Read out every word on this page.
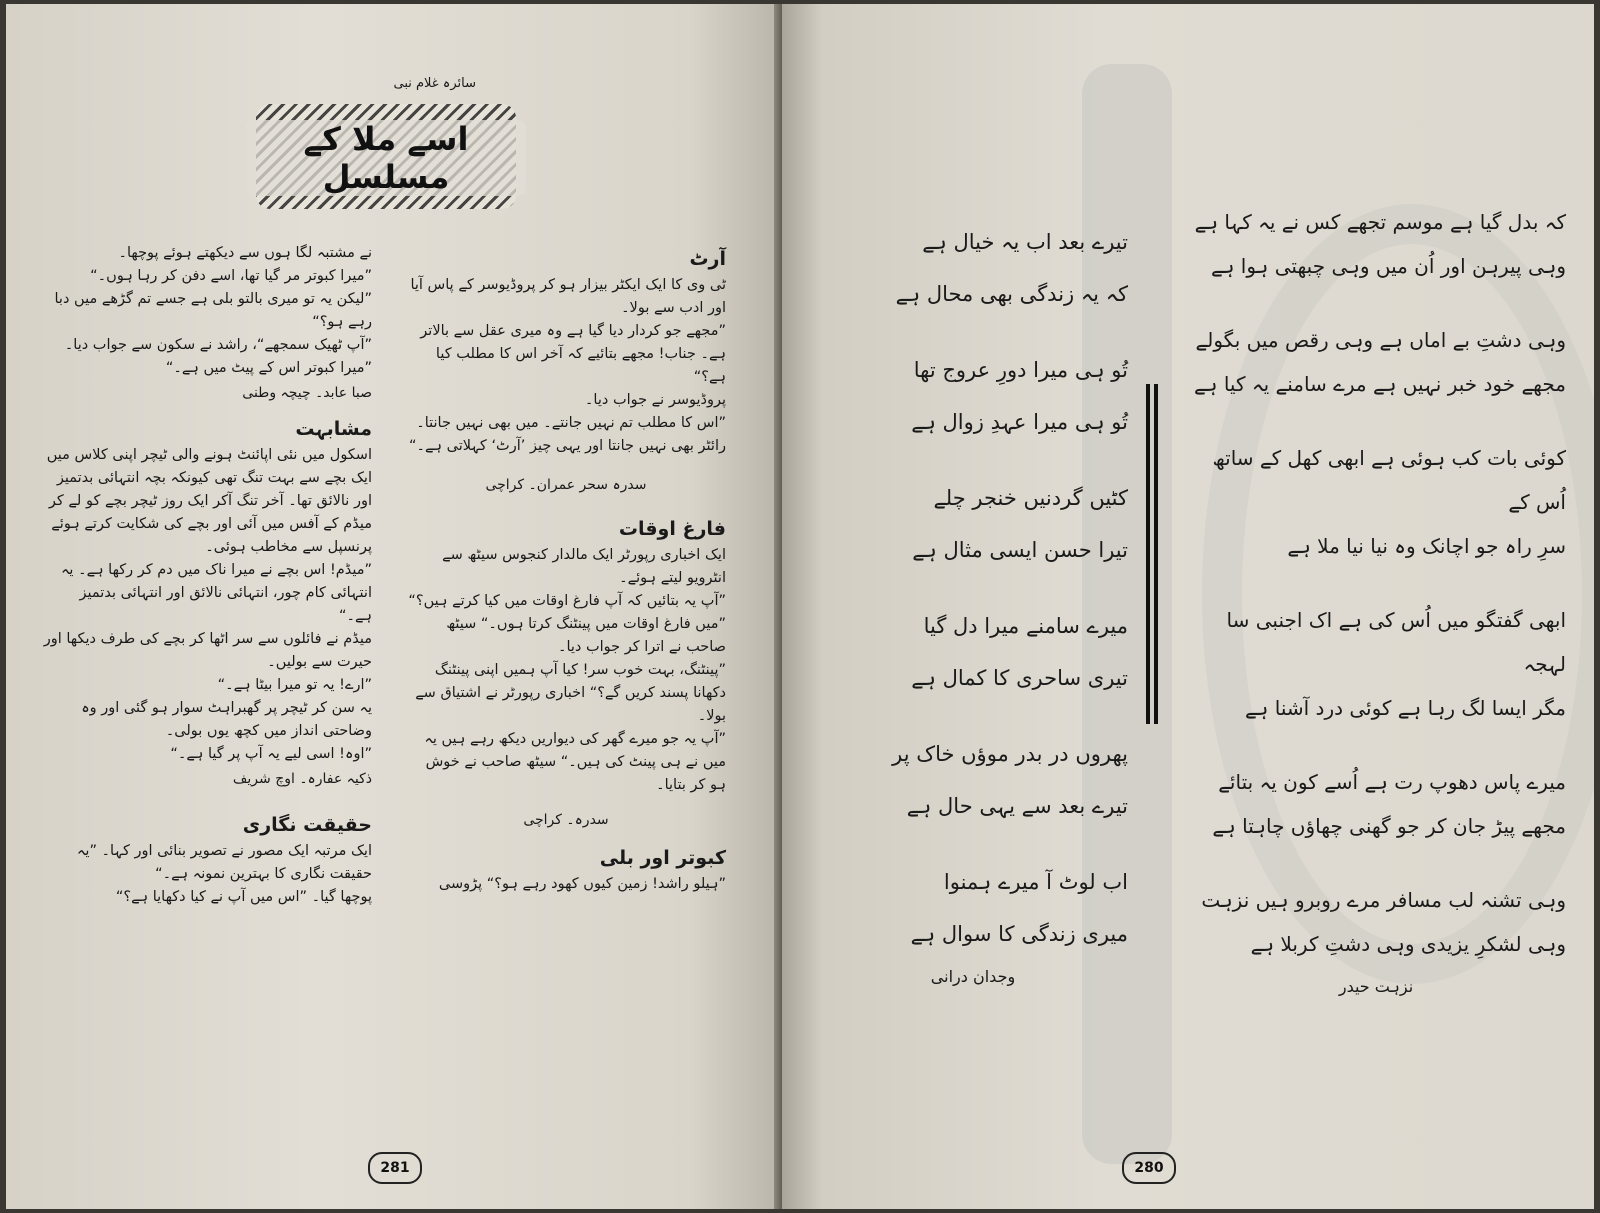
سائرہ غلام نبی
اسے ملا کے مسلسل

نے مشتبہ لگا ہوں سے دیکھتے ہوئے پوچھا۔

”میرا کبوتر مر گیا تھا، اسے دفن کر رہا ہوں۔“

”لیکن یہ تو میری بالتو بلی ہے جسے تم گڑھے میں دبا رہے ہو؟“

”آپ ٹھیک سمجھے“، راشد نے سکون سے جواب دیا۔ ”میرا کبوتر اس کے پیٹ میں ہے۔“

صبا عابد۔ چیچہ وطنی

مشابہت

اسکول میں نئی اپائنٹ ہونے والی ٹیچر اپنی کلاس میں ایک بچے سے بہت تنگ تھی کیونکہ بچہ انتہائی بدتمیز اور نالائق تھا۔ آخر تنگ آکر ایک روز ٹیچر بچے کو لے کر میڈم کے آفس میں آئی اور بچے کی شکایت کرتے ہوئے پرنسپل سے مخاطب ہوئی۔

”میڈم! اس بچے نے میرا ناک میں دم کر رکھا ہے۔ یہ انتہائی کام چور، انتہائی نالائق اور انتہائی بدتمیز ہے۔“

میڈم نے فائلوں سے سر اٹھا کر بچے کی طرف دیکھا اور حیرت سے بولیں۔

”ارے! یہ تو میرا بیٹا ہے۔“

یہ سن کر ٹیچر پر گھبراہٹ سوار ہو گئی اور وہ وضاحتی انداز میں کچھ یوں بولی۔

”اوہ! اسی لیے یہ آپ پر گیا ہے۔“

ذکیہ عفارہ۔ اوچ شریف

حقیقت نگاری

ایک مرتبہ ایک مصور نے تصویر بنائی اور کہا۔ ”یہ حقیقت نگاری کا بہترین نمونہ ہے۔“

پوچھا گیا۔ ”اس میں آپ نے کیا دکھایا ہے؟“

آرٹ

ٹی وی کا ایک ایکٹر بیزار ہو کر پروڈیوسر کے پاس آیا اور ادب سے بولا۔

”مجھے جو کردار دیا گیا ہے وہ میری عقل سے بالاتر ہے۔ جناب! مجھے بتائیے کہ آخر اس کا مطلب کیا ہے؟“

پروڈیوسر نے جواب دیا۔

”اس کا مطلب تم نہیں جانتے۔ میں بھی نہیں جانتا۔ رائٹر بھی نہیں جانتا اور یہی چیز ’آرٹ‘ کہلاتی ہے۔“

سدرہ سحر عمران۔ کراچی

فارغ اوقات

ایک اخباری رپورٹر ایک مالدار کنجوس سیٹھ سے انٹرویو لیتے ہوئے۔

”آپ یہ بتائیں کہ آپ فارغ اوقات میں کیا کرتے ہیں؟“

”میں فارغ اوقات میں پینٹنگ کرتا ہوں۔“ سیٹھ صاحب نے اترا کر جواب دیا۔

”پینٹنگ، بہت خوب سر! کیا آپ ہمیں اپنی پینٹنگ دکھانا پسند کریں گے؟“ اخباری رپورٹر نے اشتیاق سے بولا۔

”آپ یہ جو میرے گھر کی دیواریں دیکھ رہے ہیں یہ میں نے ہی پینٹ کی ہیں۔“ سیٹھ صاحب نے خوش ہو کر بتایا۔

سدرہ۔ کراچی

کبوتر اور بلی

”ہیلو راشد! زمین کیوں کھود رہے ہو؟“ پڑوسی

281

تیرے بعد اب یہ خیال ہے

کہ یہ زندگی بھی محال ہے

تُو ہی میرا دورِ عروج تھا

تُو ہی میرا عہدِ زوال ہے

کٹیں گردنیں خنجر چلے

تیرا حسن ایسی مثال ہے

میرے سامنے میرا دل گیا

تیری ساحری کا کمال ہے

پھروں در بدر موؤں خاک پر

تیرے بعد سے یہی حال ہے

اب لوٹ آ میرے ہمنوا

میری زندگی کا سوال ہے

وجدان درانی

کہ بدل گیا ہے موسم تجھے کس نے یہ کہا ہے

وہی پیرہن اور اُن میں وہی چبھتی ہوا ہے

وہی دشتِ بے اماں ہے وہی رقص میں بگولے

مجھے خود خبر نہیں ہے مرے سامنے یہ کیا ہے

کوئی بات کب ہوئی ہے ابھی کھل کے ساتھ اُس کے

سرِ راہ جو اچانک وہ نیا نیا ملا ہے

ابھی گفتگو میں اُس کی ہے اک اجنبی سا لہجہ

مگر ایسا لگ رہا ہے کوئی درد آشنا ہے

میرے پاس دھوپ رت ہے اُسے کون یہ بتائے

مجھے پیڑ جان کر جو گھنی چھاؤں چاہتا ہے

وہی تشنہ لب مسافر مرے روبرو ہیں نزہت

وہی لشکرِ یزیدی وہی دشتِ کربلا ہے

نزہت حیدر

280
